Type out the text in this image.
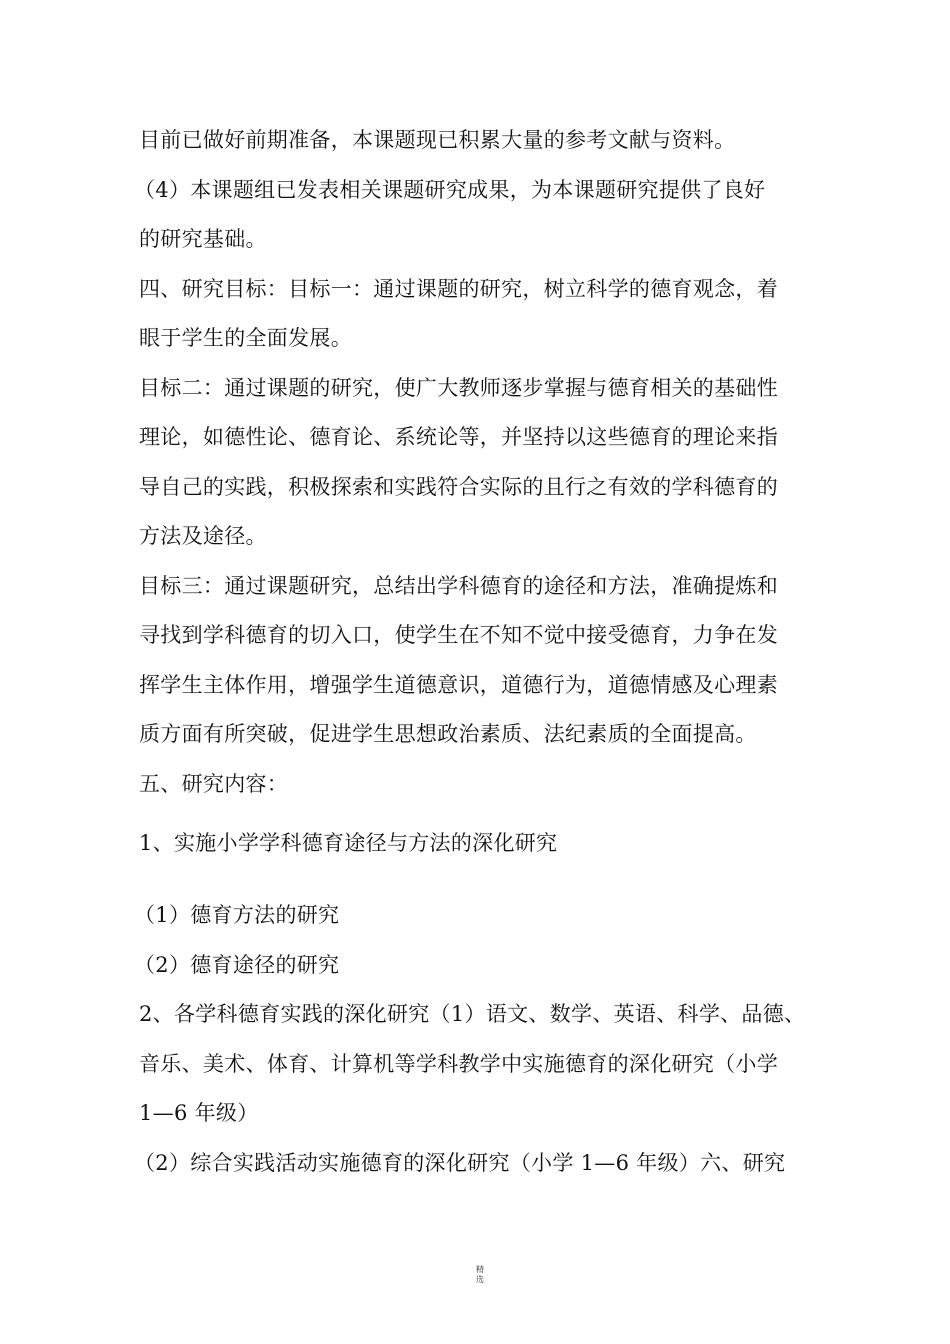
目前已做好前期准备，本课题现已积累大量的参考文献与资料。
（4）本课题组已发表相关课题研究成果，为本课题研究提供了良好
的研究基础。
四、研究目标：目标一：通过课题的研究，树立科学的德育观念，着
眼于学生的全面发展。
目标二：通过课题的研究，使广大教师逐步掌握与德育相关的基础性
理论，如德性论、德育论、系统论等，并坚持以这些德育的理论来指
导自己的实践，积极探索和实践符合实际的且行之有效的学科德育的
方法及途径。
目标三：通过课题研究，总结出学科德育的途径和方法，准确提炼和
寻找到学科德育的切入口，使学生在不知不觉中接受德育，力争在发
挥学生主体作用，增强学生道德意识，道德行为，道德情感及心理素
质方面有所突破，促进学生思想政治素质、法纪素质的全面提高。
五、研究内容：
1、实施小学学科德育途径与方法的深化研究
（1）德育方法的研究
（2）德育途径的研究
2、各学科德育实践的深化研究（1）语文、数学、英语、科学、品德、
音乐、美术、体育、计算机等学科教学中实施德育的深化研究（小学
1—6 年级）
（2）综合实践活动实施德育的深化研究（小学 1—6 年级）六、研究
精
选
